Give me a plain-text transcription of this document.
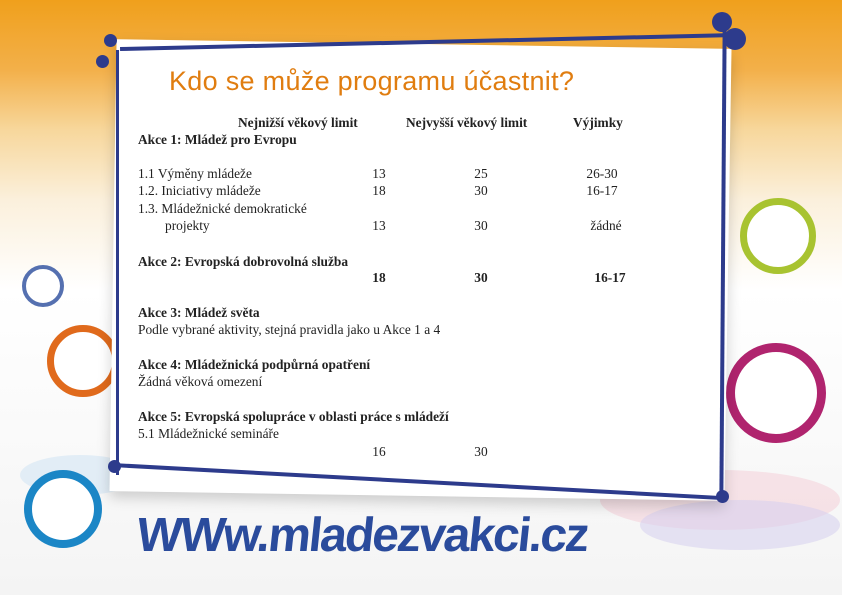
Kdo se může programu účastnit?
Nejnižší věkový limit	Nejvyšší věkový limit	Výjimky
Akce 1: Mládež pro Evropu
1.1 Výměny mládeže	13	25	26-30
1.2. Iniciativy mládeže	18	30	16-17
1.3. Mládežnické demokratické
projekty	13	30	žádné
Akce 2: Evropská dobrovolná služba
18	30	16-17
Akce 3: Mládež světa
Podle vybrané aktivity, stejná pravidla jako u Akce 1 a 4
Akce 4: Mládežnická podpůrná opatření
Žádná věková omezení
Akce 5: Evropská spolupráce v oblasti práce s mládeží
5.1 Mládežnické semináře
16	30
WWw.mladezvakci.cz
